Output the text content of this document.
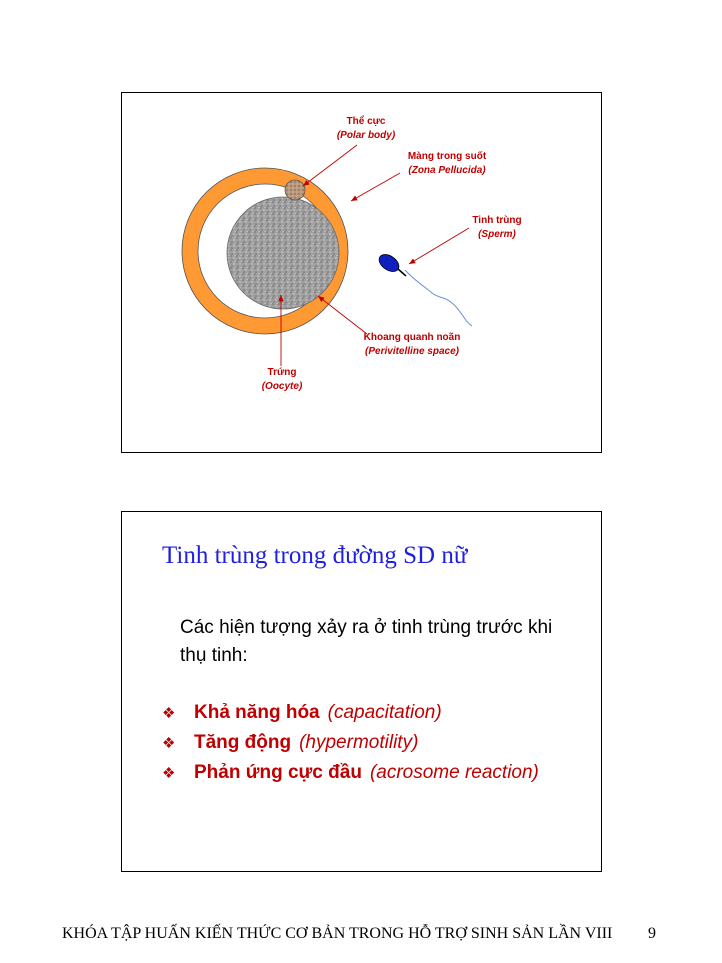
Thể cực
(Polar body)
Màng trong suốt
(Zona Pellucida)
Tinh trùng
(Sperm)
Khoang quanh noãn
(Perivitelline space)
Trứng
(Oocyte)
Tinh trùng trong đường SD nữ
Các hiện tượng xảy ra ở tinh trùng trước khi thụ tinh:
❖ Khả năng hóa (capacitation)
❖ Tăng động (hypermotility)
❖ Phản ứng cực đầu (acrosome reaction)
KHÓA TẬP HUẤN KIẾN THỨC CƠ BẢN TRONG HỖ TRỢ SINH SẢN LẦN VIII	9
